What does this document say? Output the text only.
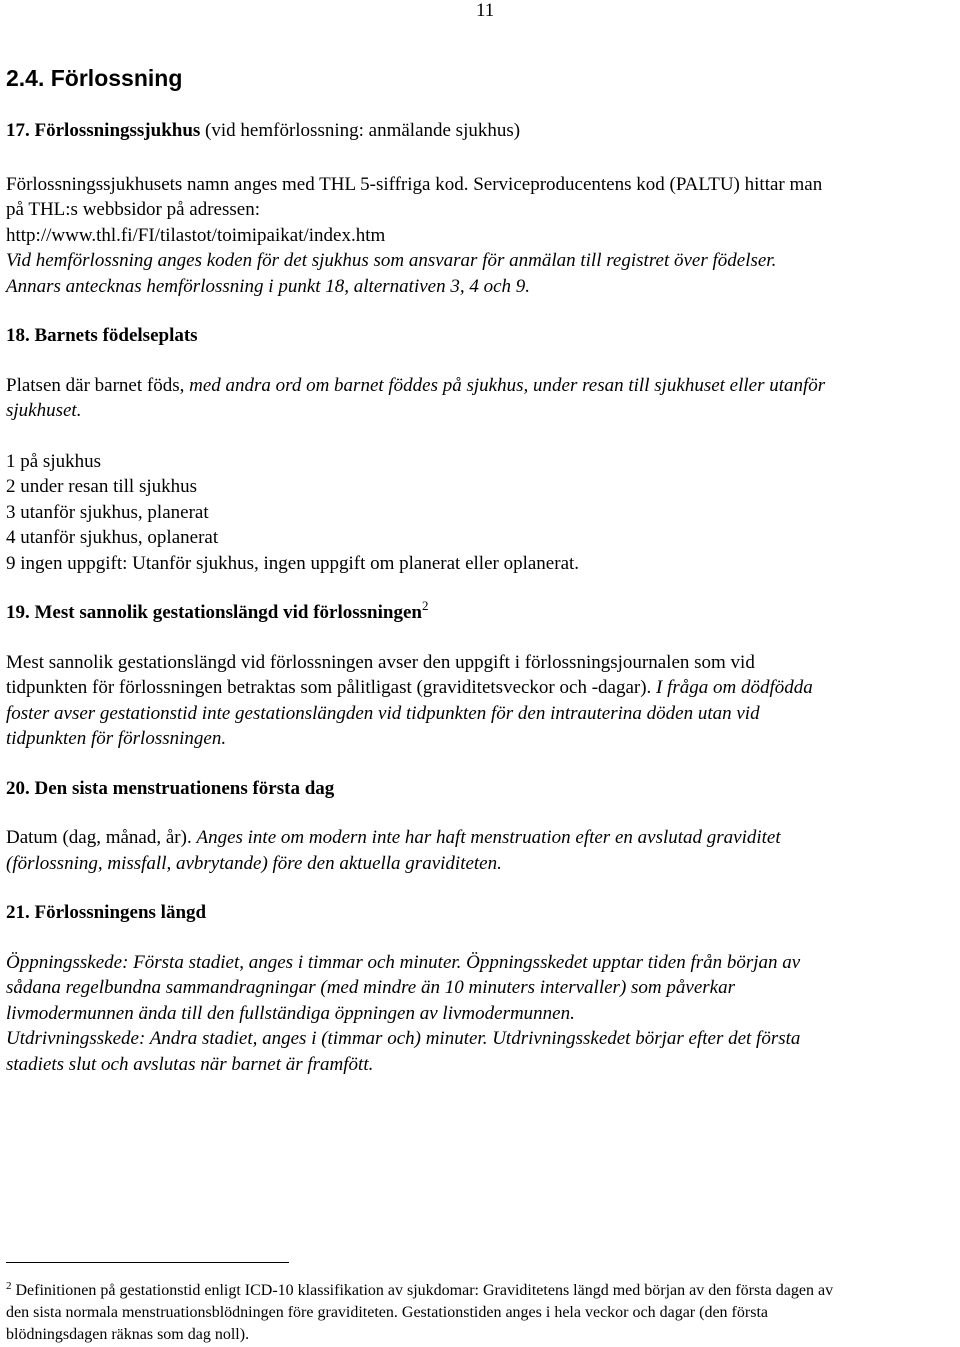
11

2.4. Förlossning

17. Förlossningssjukhus (vid hemförlossning: anmälande sjukhus)

Förlossningssjukhusets namn anges med THL 5-siffriga kod. Serviceproducentens kod (PALTU) hittar man

på THL:s webbsidor på adressen:

http://www.thl.fi/FI/tilastot/toimipaikat/index.htm

Vid hemförlossning anges koden för det sjukhus som ansvarar för anmälan till registret över födelser.

Annars antecknas hemförlossning i punkt 18, alternativen 3, 4 och 9.

18. Barnets födelseplats

Platsen där barnet föds, med andra ord om barnet föddes på sjukhus, under resan till sjukhuset eller utanför

sjukhuset.

1 på sjukhus

2 under resan till sjukhus

3 utanför sjukhus, planerat

4 utanför sjukhus, oplanerat

9 ingen uppgift: Utanför sjukhus, ingen uppgift om planerat eller oplanerat.

19. Mest sannolik gestationslängd vid förlossningen$^2$

Mest sannolik gestationslängd vid förlossningen avser den uppgift i förlossningsjournalen som vid

tidpunkten för förlossningen betraktas som pålitligast (graviditetsveckor och -dagar). I fråga om dödfödda

foster avser gestationstid inte gestationslängden vid tidpunkten för den intrauterina döden utan vid

tidpunkten för förlossningen.

20. Den sista menstruationens första dag

Datum (dag, månad, år). Anges inte om modern inte har haft menstruation efter en avslutad graviditet

(förlossning, missfall, avbrytande) före den aktuella graviditeten.

21. Förlossningens längd

Öppningsskede: Första stadiet, anges i timmar och minuter. Öppningsskedet upptar tiden från början av

sådana regelbundna sammandragningar (med mindre än 10 minuters intervaller) som påverkar

livmodermunnen ända till den fullständiga öppningen av livmodermunnen.

Utdrivningsskede: Andra stadiet, anges i (timmar och) minuter. Utdrivningsskedet börjar efter det första

stadiets slut och avslutas när barnet är framfött.

$^2$ Definitionen på gestationstid enligt ICD-10 klassifikation av sjukdomar: Graviditetens längd med början av den första dagen av
den sista normala menstruationsblödningen före graviditeten. Gestationstiden anges i hela veckor och dagar (den första
blödningsdagen räknas som dag noll).
